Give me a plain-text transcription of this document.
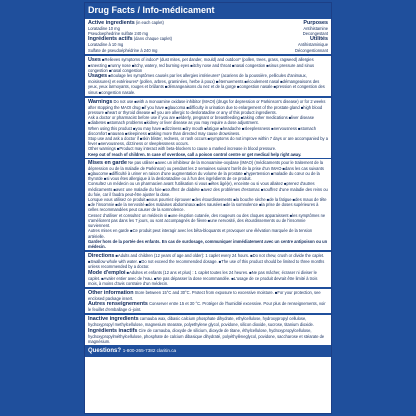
Drug Facts / Info-médicament
Active ingredients (in each caplet)	Purposes
Loratadine 10 mg	Antihistamine
Pseudoephedrine sulfate 240 mg	Decongestant
Ingrédients actifs (dans chaque caplet)	Utilités
Loratadine à 10 mg	Antihistaminique
Sulfate de pseudoéphédrine à 240 mg	Décongestionnant

Uses ■Relieves symptoms of indoor* (dust mites, pet dander, mould) and outdoor* (pollen, trees, grass, ragweed) allergies ■sneezing ■runny nose ■itchy, watery, red burning eyes ■itchy nose and throat ■nasal congestion ■sinus pressure and sinus congestion ■nasal congestion

Usages ■Soulage les symptômes causés par les allergies intérieures* (acariens de la poussière, pellicules d'animaux, moisissures) et extérieures* (pollen, arbres, graminées, herbe à poux) ■éternuements ■écoulement nasal ■démangeaisons des yeux, yeux larmoyants, rouges et brûlants ■démangeaisons du nez et de la gorge ■congestion nasale ■pression et congestion des sinus ■congestion nasale.

Warnings Do not use ■with a monoamine oxidase inhibitor (MAOI) (drugs for depression or Parkinson's disease) or for 2 weeks after stopping the MAOI drug ■if you have ■glaucoma ■difficulty in urination due to enlargement of the prostate gland ■high blood pressure ■heart or thyroid disease ■if you are allergic to desloratadine or any of this product ingredients.

Ask a doctor or pharmacist before use if you are ■elderly, pregnant or breastfeeding ■taking other medications ■liver disease ■diabetes ■stomach problems ■kidney or liver disease as you may require a dose adjustment.

When using this product ■you may have ■dizziness ■dry mouth ■fatigue ■headache ■sleeplessness ■nervousness ■stomach discomfort ■nausea ■sleepiness ■taking more than directed may cause drowsiness.

Stop use and ask a doctor if ■skin blister, redness, or rash occurs ■symptoms do not improve within 7 days or are accompanied by a fever ■nervousness, dizziness or sleeplessness occurs.

Other warnings ■Product may interact with beta-blockers to cause a marked increase in blood pressure.

Keep out of reach of children. In case of overdose, call a poison control centre or get medical help right away.

Mises en garde Ne pas utiliser ■avec un inhibiteur de la monoamine-oxydase (IMAO) (médicaments pour le traitement de la dépression ou de la maladie de Parkinson) ou pendant les 2 semaines suivant l'arrêt de la prise d'un IMAO ■dans les cas suivants ■glaucome ■difficulté à uriner en raison d'une augmentation du volume de la prostate ■hypertension ■maladie du cœur ou de la thyroïde ■si vous êtes allergique à la desloratadine ou à l'un des ingrédients de ce produit.

Consultez un médecin ou un pharmacien avant l'utilisation si vous ■êtes âgé(e), enceinte ou si vous allaitez ■prenez d'autres médicaments ■avez une maladie du foie ■souffrez de diabète ■avez des problèmes d'estomac ■souffrez d'une maladie des reins ou du foie, car il faudra peut-être ajuster la dose.

Lorsque vous utilisez ce produit ■vous pourriez éprouver ■des étourdissements ■la bouche sèche ■de la fatigue ■des maux de tête ■de l'insomnie ■de la nervosité ■des malaises abdominaux ■des nausées ■de la somnolence ■la prise de doses supérieures à celles recommandées peut causer de la somnolence.

Cessez d'utiliser et consultez un médecin si ■une éruption cutanée, des rougeurs ou des cloques apparaissent ■les symptômes ne s'améliorent pas dans les 7 jours, ou sont accompagnés de fièvre ■une nervosité, des étourdissements ou de l'insomnie surviennent.

Autres mises en garde ■Ce produit peut interagir avec les bêta-bloquants et provoquer une élévation marquée de la tension artérielle.

Garder hors de la portée des enfants. En cas de surdosage, communiquer immédiatement avec un centre antipoison ou un médecin.

Directions ■Adults and children (12 years of age and older): 1 caplet every 24 hours. ■Do not chew, crush or divide the caplet. ■Swallow whole with water. ■Do not exceed the recommended dosage. ■The use of this product should be limited to three months unless recommended by a doctor.

Mode d'emploi ■Adultes et enfants (12 ans et plus) : 1 caplet toutes les 24 heures. ■Ne pas mâcher, écraser ni diviser le caplet. ■Avaler entier avec de l'eau. ■Ne pas dépasser la dose recommandée. ■L'usage de ce produit devrait être limité à trois mois, à moins d'avis contraire d'un médecin.

Other information Store between 15°C and 30°C. Protect from exposure to excessive moisture. ■For your protection, see enclosed package insert.

Autres renseignements Conserver entre 15 et 30 °C. Protéger de l'humidité excessive. Pour plus de renseignements, voir le feuillet d'emballage ci-joint.

Inactive ingredients carnauba wax, dibasic calcium phosphate dihydrate, ethylcellulose, hydroxypropyl cellulose, hydroxypropyl methylcellulose, magnesium stearate, polyethylene glycol, povidone, silicon dioxide, sucrose, titanium dioxide.

Ingrédients inactifs Cire de carnauba, dioxyde de silicium, dioxyde de titane, éthylcellulose, hydroxypropylcellulose, hydroxypropylméthylcellulose, phosphate de calcium dibasique dihydraté, polyéthylèneglycol, povidone, saccharose et stéarate de magnésium.

Questions? 1-800-265-7382 claritin.ca
